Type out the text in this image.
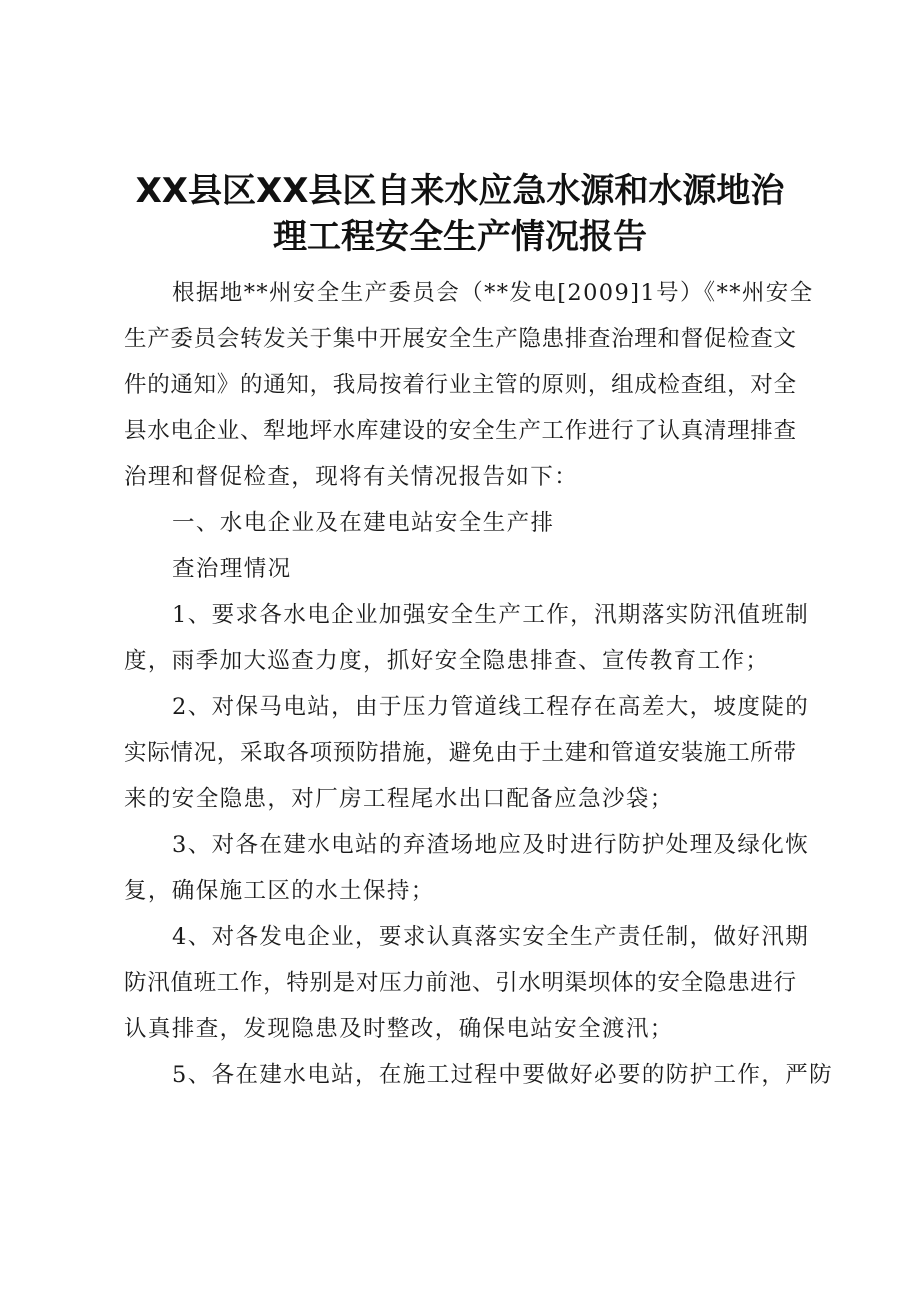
XX县区XX县区自来水应急水源和水源地治
理工程安全生产情况报告
根据地**州安全生产委员会（**发电[2009]1号）《**州安全
生产委员会转发关于集中开展安全生产隐患排查治理和督促检查文
件的通知》的通知，我局按着行业主管的原则，组成检查组，对全
县水电企业、犁地坪水库建设的安全生产工作进行了认真清理排查
治理和督促检查，现将有关情况报告如下：
一、水电企业及在建电站安全生产排
查治理情况
1、要求各水电企业加强安全生产工作，汛期落实防汛值班制
度，雨季加大巡查力度，抓好安全隐患排查、宣传教育工作；
2、对保马电站，由于压力管道线工程存在高差大，坡度陡的
实际情况，采取各项预防措施，避免由于土建和管道安装施工所带
来的安全隐患，对厂房工程尾水出口配备应急沙袋；
3、对各在建水电站的弃渣场地应及时进行防护处理及绿化恢
复，确保施工区的水土保持；
4、对各发电企业，要求认真落实安全生产责任制，做好汛期
防汛值班工作，特别是对压力前池、引水明渠坝体的安全隐患进行
认真排查，发现隐患及时整改，确保电站安全渡汛；
5、各在建水电站，在施工过程中要做好必要的防护工作，严防
